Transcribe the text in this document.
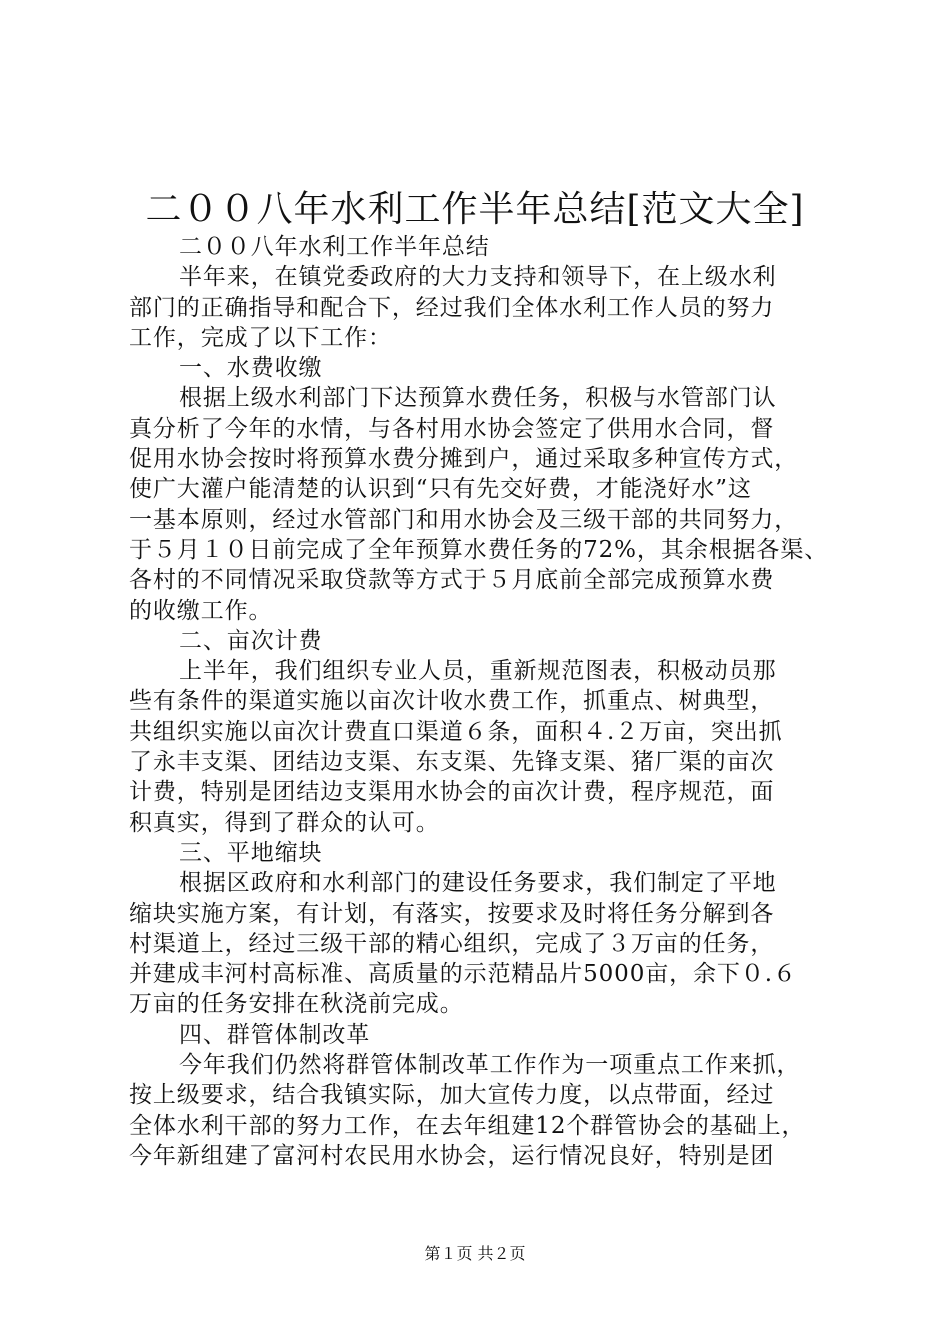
二００八年水利工作半年总结[范文大全]
二００八年水利工作半年总结
半年来，在镇党委政府的大力支持和领导下，在上级水利
部门的正确指导和配合下，经过我们全体水利工作人员的努力
工作，完成了以下工作：
一、水费收缴
根据上级水利部门下达预算水费任务，积极与水管部门认
真分析了今年的水情，与各村用水协会签定了供用水合同，督
促用水协会按时将预算水费分摊到户，通过采取多种宣传方式，
使广大灌户能清楚的认识到“只有先交好费，才能浇好水”这
一基本原则，经过水管部门和用水协会及三级干部的共同努力，
于５月１０日前完成了全年预算水费任务的72%，其余根据各渠、
各村的不同情况采取贷款等方式于５月底前全部完成预算水费
的收缴工作。
二、亩次计费
上半年，我们组织专业人员，重新规范图表，积极动员那
些有条件的渠道实施以亩次计收水费工作，抓重点、树典型，
共组织实施以亩次计费直口渠道６条，面积４.２万亩，突出抓
了永丰支渠、团结边支渠、东支渠、先锋支渠、猪厂渠的亩次
计费，特别是团结边支渠用水协会的亩次计费，程序规范，面
积真实，得到了群众的认可。
三、平地缩块
根据区政府和水利部门的建设任务要求，我们制定了平地
缩块实施方案，有计划，有落实，按要求及时将任务分解到各
村渠道上，经过三级干部的精心组织，完成了３万亩的任务，
并建成丰河村高标准、高质量的示范精品片5000亩，余下０.６
万亩的任务安排在秋浇前完成。
四、群管体制改革
今年我们仍然将群管体制改革工作作为一项重点工作来抓，
按上级要求，结合我镇实际，加大宣传力度，以点带面，经过
全体水利干部的努力工作，在去年组建12个群管协会的基础上，
今年新组建了富河村农民用水协会，运行情况良好，特别是团
第１页 共２页
